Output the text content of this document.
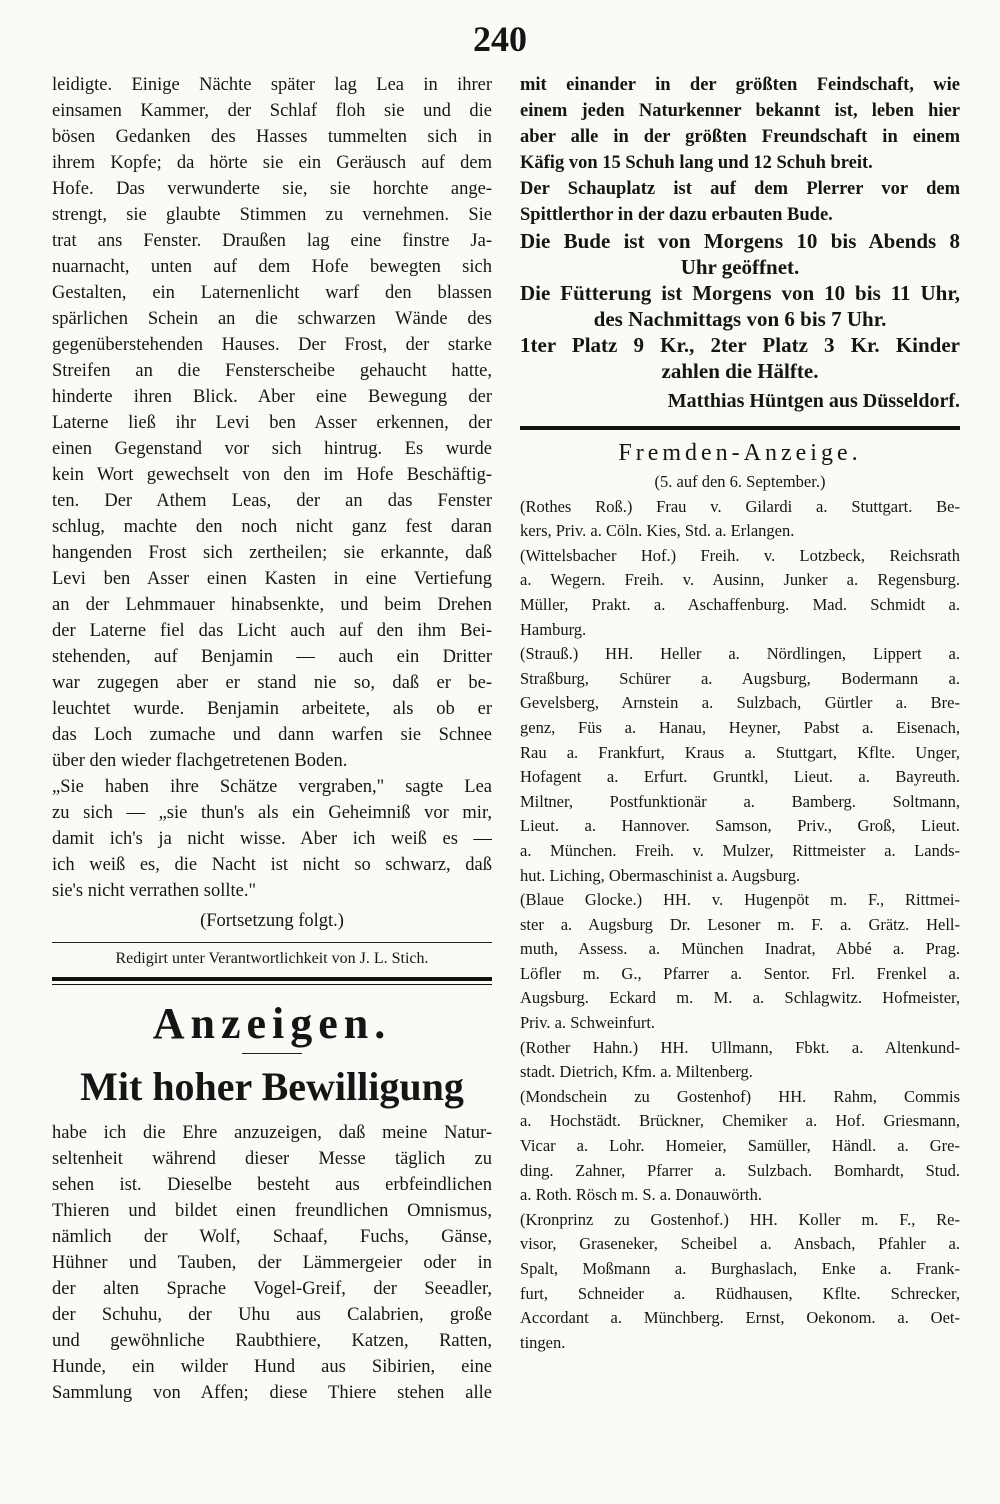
240
leidigte. Einige Nächte später lag Lea in ihrer
einsamen Kammer, der Schlaf floh sie und die
bösen Gedanken des Hasses tummelten sich in
ihrem Kopfe; da hörte sie ein Geräusch auf dem
Hofe. Das verwunderte sie, sie horchte ange-
strengt, sie glaubte Stimmen zu vernehmen. Sie
trat ans Fenster. Draußen lag eine finstre Ja-
nuarnacht, unten auf dem Hofe bewegten sich
Gestalten, ein Laternenlicht warf den blassen
spärlichen Schein an die schwarzen Wände des
gegenüberstehenden Hauses. Der Frost, der starke
Streifen an die Fensterscheibe gehaucht hatte,
hinderte ihren Blick. Aber eine Bewegung der
Laterne ließ ihr Levi ben Asser erkennen, der
einen Gegenstand vor sich hintrug. Es wurde
kein Wort gewechselt von den im Hofe Beschäftig-
ten. Der Athem Leas, der an das Fenster
schlug, machte den noch nicht ganz fest daran
hangenden Frost sich zertheilen; sie erkannte, daß
Levi ben Asser einen Kasten in eine Vertiefung
an der Lehmmauer hinabsenkte, und beim Drehen
der Laterne fiel das Licht auch auf den ihm Bei-
stehenden, auf Benjamin — auch ein Dritter
war zugegen aber er stand nie so, daß er be-
leuchtet wurde. Benjamin arbeitete, als ob er
das Loch zumache und dann warfen sie Schnee
über den wieder flachgetretenen Boden.
„Sie haben ihre Schätze vergraben," sagte Lea
zu sich — „sie thun's als ein Geheimniß vor mir,
damit ich's ja nicht wisse. Aber ich weiß es —
ich weiß es, die Nacht ist nicht so schwarz, daß
sie's nicht verrathen sollte."
(Fortsetzung folgt.)
Redigirt unter Verantwortlichkeit von J. L. Stich.
Anzeigen.
Mit hoher Bewilligung
habe ich die Ehre anzuzeigen, daß meine Natur-
seltenheit während dieser Messe täglich zu
sehen ist. Dieselbe besteht aus erbfeindlichen
Thieren und bildet einen freundlichen Omnismus,
nämlich der Wolf, Schaaf, Fuchs, Gänse,
Hühner und Tauben, der Lämmergeier oder in
der alten Sprache Vogel-Greif, der Seeadler,
der Schuhu, der Uhu aus Calabrien, große
und gewöhnliche Raubthiere, Katzen, Ratten,
Hunde, ein wilder Hund aus Sibirien, eine
Sammlung von Affen; diese Thiere stehen alle
mit einander in der größten Feindschaft, wie
einem jeden Naturkenner bekannt ist, leben hier
aber alle in der größten Freundschaft in einem
Käfig von 15 Schuh lang und 12 Schuh breit.
Der Schauplatz ist auf dem Plerrer vor dem
Spittlerthor in der dazu erbauten Bude.
Die Bude ist von Morgens 10 bis Abends 8
Uhr geöffnet.
Die Fütterung ist Morgens von 10 bis 11 Uhr,
des Nachmittags von 6 bis 7 Uhr.
1ter Platz 9 Kr., 2ter Platz 3 Kr. Kinder
zahlen die Hälfte.
Matthias Hüntgen aus Düsseldorf.
Fremden-Anzeige.
(5. auf den 6. September.)
(Rothes Roß.) Frau v. Gilardi a. Stuttgart. Be-
kers, Priv. a. Cöln. Kies, Std. a. Erlangen.
(Wittelsbacher Hof.) Freih. v. Lotzbeck, Reichsrath
a. Wegern. Freih. v. Ausinn, Junker a. Regensburg.
Müller, Prakt. a. Aschaffenburg. Mad. Schmidt a.
Hamburg.
(Strauß.) HH. Heller a. Nördlingen, Lippert a.
Straßburg, Schürer a. Augsburg, Bodermann a.
Gevelsberg, Arnstein a. Sulzbach, Gürtler a. Bre-
genz, Füs a. Hanau, Heyner, Pabst a. Eisenach,
Rau a. Frankfurt, Kraus a. Stuttgart, Kflte. Unger,
Hofagent a. Erfurt. Gruntkl, Lieut. a. Bayreuth.
Miltner, Postfunktionär a. Bamberg. Soltmann,
Lieut. a. Hannover. Samson, Priv., Groß, Lieut.
a. München. Freih. v. Mulzer, Rittmeister a. Lands-
hut. Liching, Obermaschinist a. Augsburg.
(Blaue Glocke.) HH. v. Hugenpöt m. F., Rittmei-
ster a. Augsburg Dr. Lesoner m. F. a. Grätz. Hell-
muth, Assess. a. München Inadrat, Abbé a. Prag.
Löfler m. G., Pfarrer a. Sentor. Frl. Frenkel a.
Augsburg. Eckard m. M. a. Schlagwitz. Hofmeister,
Priv. a. Schweinfurt.
(Rother Hahn.) HH. Ullmann, Fbkt. a. Altenkund-
stadt. Dietrich, Kfm. a. Miltenberg.
(Mondschein zu Gostenhof) HH. Rahm, Commis
a. Hochstädt. Brückner, Chemiker a. Hof. Griesmann,
Vicar a. Lohr. Homeier, Samüller, Händl. a. Gre-
ding. Zahner, Pfarrer a. Sulzbach. Bomhardt, Stud.
a. Roth. Rösch m. S. a. Donauwörth.
(Kronprinz zu Gostenhof.) HH. Koller m. F., Re-
visor, Graseneker, Scheibel a. Ansbach, Pfahler a.
Spalt, Moßmann a. Burghaslach, Enke a. Frank-
furt, Schneider a. Rüdhausen, Kflte. Schrecker,
Accordant a. Münchberg. Ernst, Oekonom. a. Oet-
tingen.
